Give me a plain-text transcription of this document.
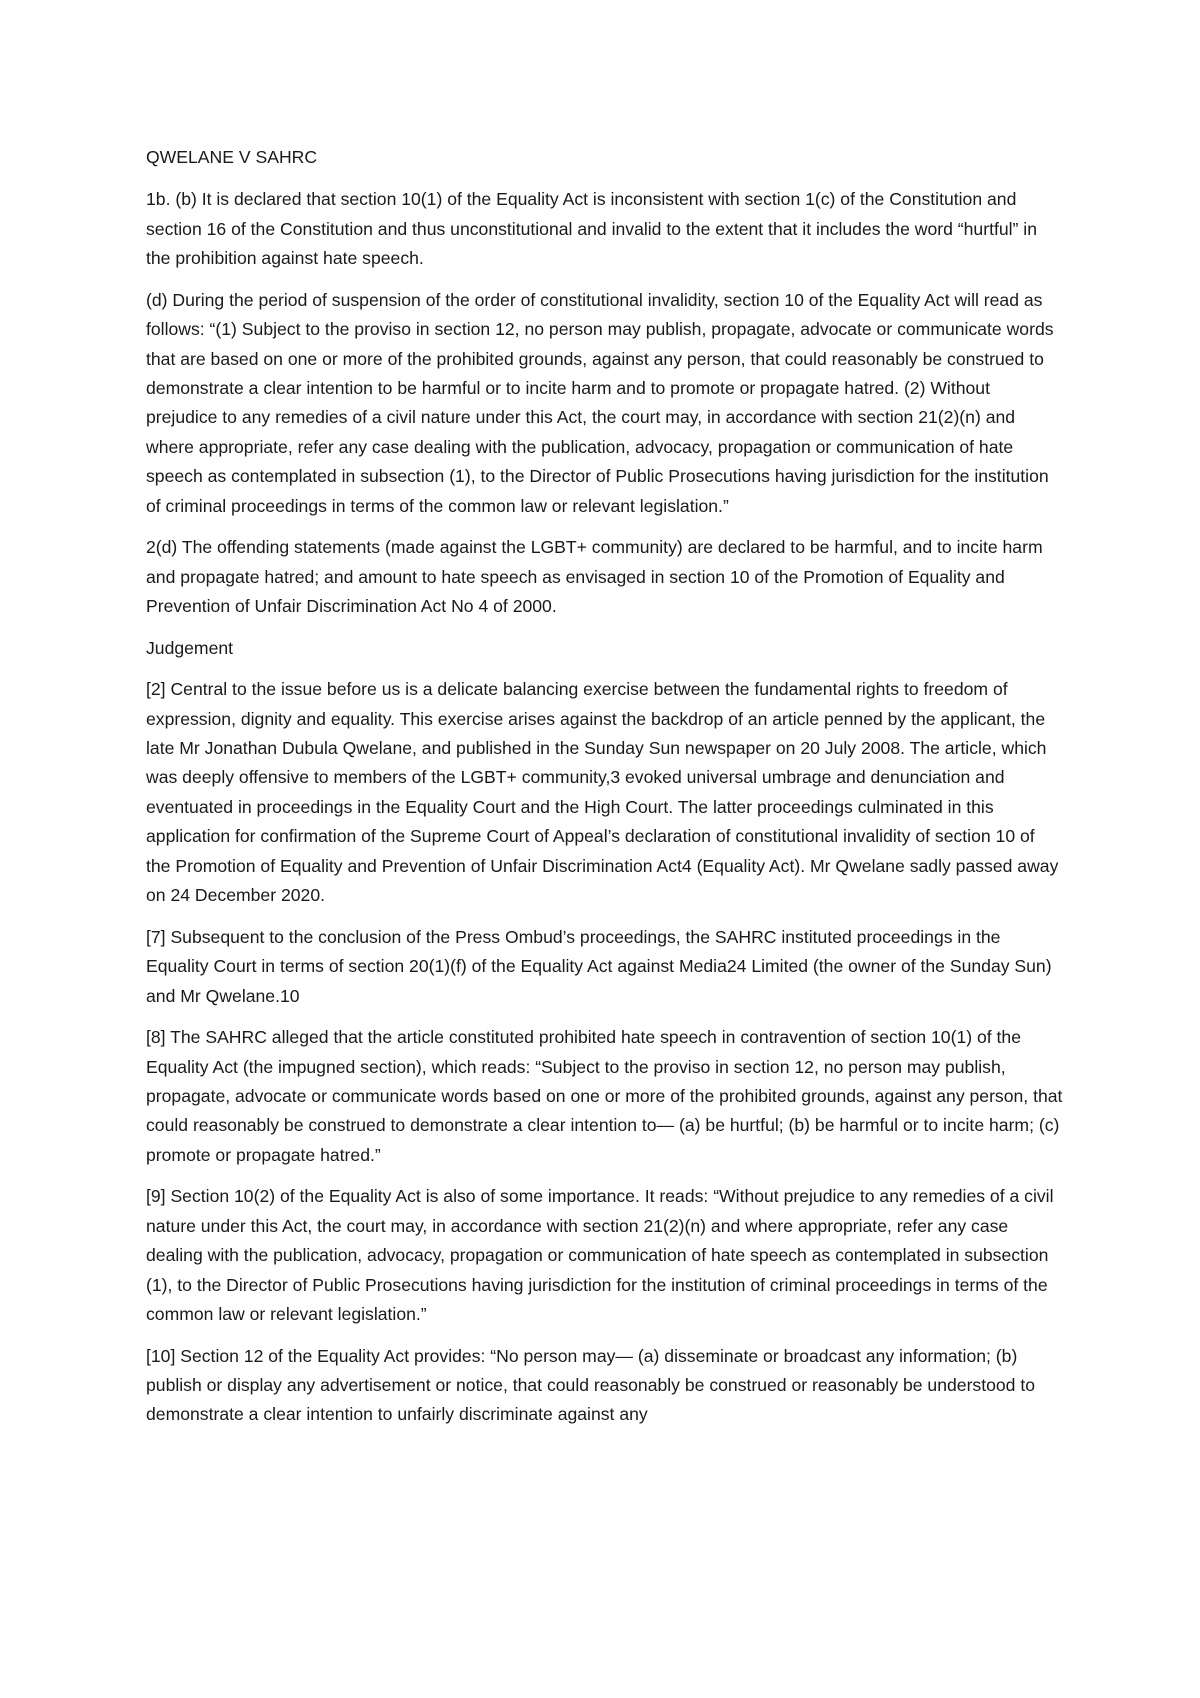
QWELANE V SAHRC

1b. (b) It is declared that section 10(1) of the Equality Act is inconsistent with section 1(c) of the Constitution and section 16 of the Constitution and thus unconstitutional and invalid to the extent that it includes the word “hurtful” in the prohibition against hate speech.

(d) During the period of suspension of the order of constitutional invalidity, section 10 of the Equality Act will read as follows: “(1) Subject to the proviso in section 12, no person may publish, propagate, advocate or communicate words that are based on one or more of the prohibited grounds, against any person, that could reasonably be construed to demonstrate a clear intention to be harmful or to incite harm and to promote or propagate hatred. (2) Without prejudice to any remedies of a civil nature under this Act, the court may, in accordance with section 21(2)(n) and where appropriate, refer any case dealing with the publication, advocacy, propagation or communication of hate speech as contemplated in subsection (1), to the Director of Public Prosecutions having jurisdiction for the institution of criminal proceedings in terms of the common law or relevant legislation.”

2(d) The offending statements (made against the LGBT+ community) are declared to be harmful, and to incite harm and propagate hatred; and amount to hate speech as envisaged in section 10 of the Promotion of Equality and Prevention of Unfair Discrimination Act No 4 of 2000.

Judgement

[2] Central to the issue before us is a delicate balancing exercise between the fundamental rights to freedom of expression, dignity and equality. This exercise arises against the backdrop of an article penned by the applicant, the late Mr Jonathan Dubula Qwelane, and published in the Sunday Sun newspaper on 20 July 2008. The article, which was deeply offensive to members of the LGBT+ community,3 evoked universal umbrage and denunciation and eventuated in proceedings in the Equality Court and the High Court. The latter proceedings culminated in this application for confirmation of the Supreme Court of Appeal’s declaration of constitutional invalidity of section 10 of the Promotion of Equality and Prevention of Unfair Discrimination Act4 (Equality Act). Mr Qwelane sadly passed away on 24 December 2020.

[7] Subsequent to the conclusion of the Press Ombud’s proceedings, the SAHRC instituted proceedings in the Equality Court in terms of section 20(1)(f) of the Equality Act against Media24 Limited (the owner of the Sunday Sun) and Mr Qwelane.10

[8] The SAHRC alleged that the article constituted prohibited hate speech in contravention of section 10(1) of the Equality Act (the impugned section), which reads: “Subject to the proviso in section 12, no person may publish, propagate, advocate or communicate words based on one or more of the prohibited grounds, against any person, that could reasonably be construed to demonstrate a clear intention to— (a) be hurtful; (b) be harmful or to incite harm; (c) promote or propagate hatred.”

[9] Section 10(2) of the Equality Act is also of some importance. It reads: “Without prejudice to any remedies of a civil nature under this Act, the court may, in accordance with section 21(2)(n) and where appropriate, refer any case dealing with the publication, advocacy, propagation or communication of hate speech as contemplated in subsection (1), to the Director of Public Prosecutions having jurisdiction for the institution of criminal proceedings in terms of the common law or relevant legislation.”

[10] Section 12 of the Equality Act provides: “No person may— (a) disseminate or broadcast any information; (b) publish or display any advertisement or notice, that could reasonably be construed or reasonably be understood to demonstrate a clear intention to unfairly discriminate against any
